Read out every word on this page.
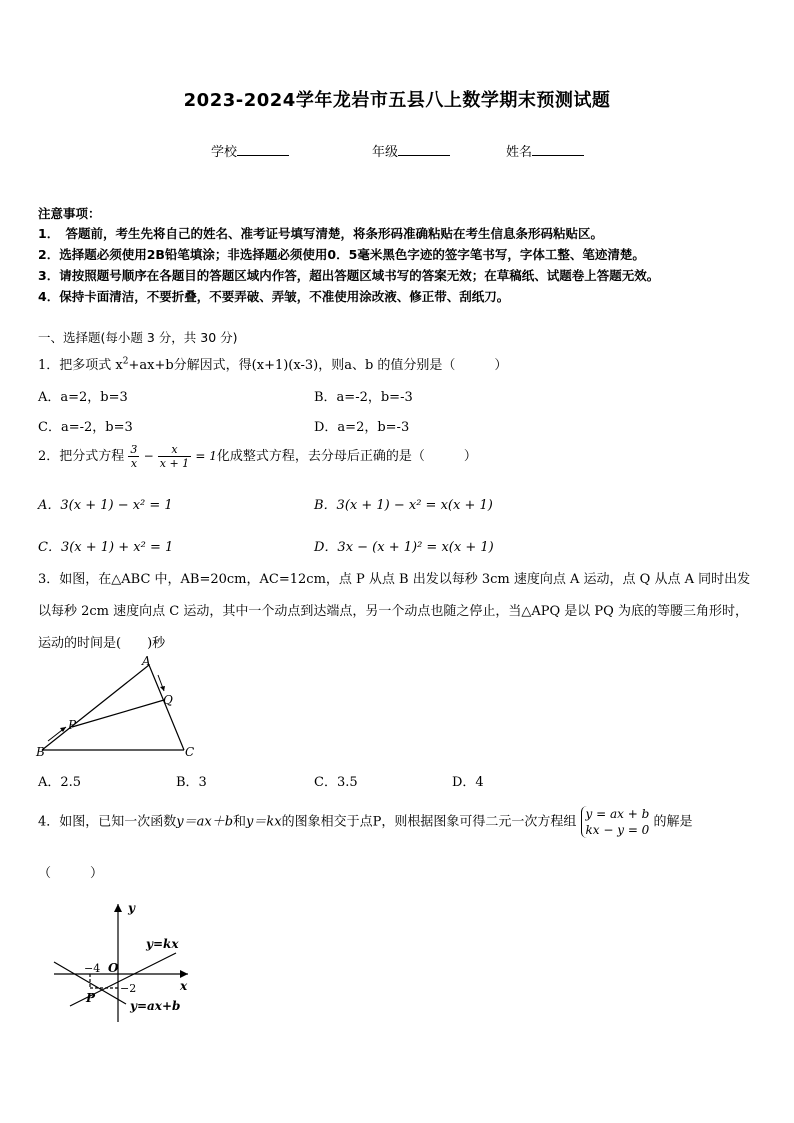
2023-2024学年龙岩市五县八上数学期末预测试题
学校	年级	姓名
注意事项：
1．　答题前，考生先将自己的姓名、准考证号填写清楚，将条形码准确粘贴在考生信息条形码粘贴区。
2．选择题必须使用2B铅笔填涂；非选择题必须使用0．5毫米黑色字迹的签字笔书写，字体工整、笔迹清楚。
3．请按照题号顺序在各题目的答题区域内作答，超出答题区域书写的答案无效；在草稿纸、试题卷上答题无效。
4．保持卡面清洁，不要折叠，不要弄破、弄皱，不准使用涂改液、修正带、刮纸刀。
一、选择题(每小题 3 分，共 30 分)
1．把多项式 $x^2+ax+b$分解因式，得(x+1)(x-3)，则a、b 的值分别是（　　　）
A．a=2，b=3	B．a=-2，b=-3
C．a=-2，b=3	D．a=2，b=-3
2．把分式方程 $\frac{3}{x} - \frac{x}{x + 1} = 1$化成整式方程，去分母后正确的是（　　　）
A．3(x + 1) − x² = 1	B．3(x + 1) − x² = x(x + 1)
C．3(x + 1) + x² = 1	D．3x − (x + 1)² = x(x + 1)
3．如图，在△ABC 中，AB=20cm，AC=12cm，点 P 从点 B 出发以每秒 3cm 速度向点 A 运动，点 Q 从点 A 同时出发以每秒 2cm 速度向点 C 运动，其中一个动点到达端点，另一个动点也随之停止，当△APQ 是以 PQ 为底的等腰三角形时，运动的时间是(　　)秒
A
Q
P
B	C
A．2.5	B．3	C．3.5	D．4
4．如图，已知一次函数y＝ax＋b和y＝kx的图象相交于点P，则根据图象可得二元一次方程组
y = ax + b
kx − y = 0
的解是
（　　　）
y
x
O
P
y=kx
y=ax+b
−4
−2
